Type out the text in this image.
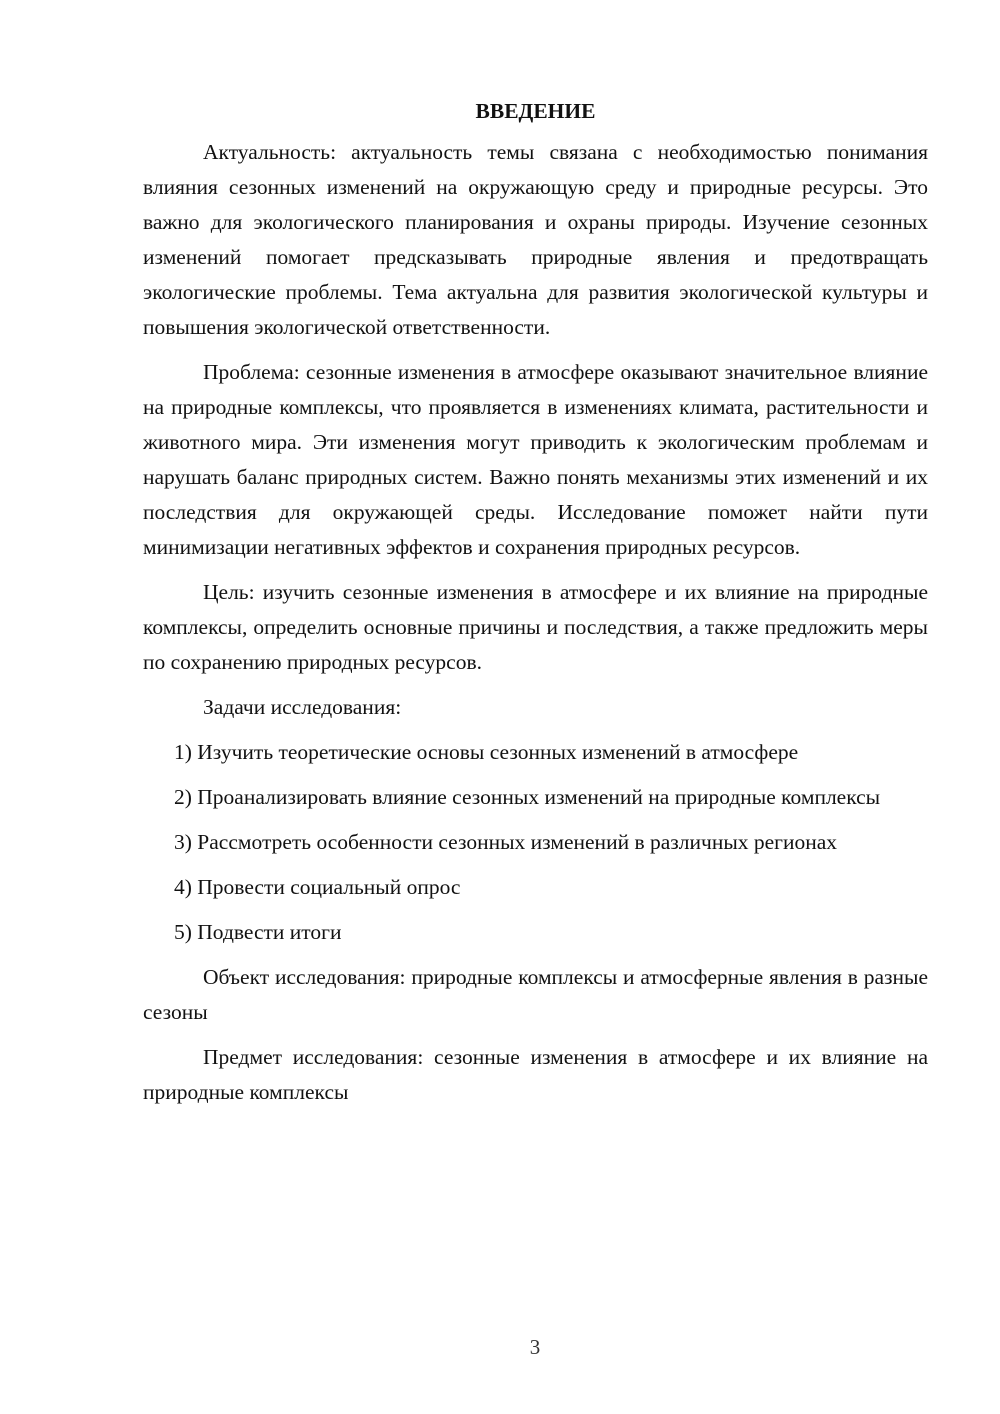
ВВЕДЕНИЕ

Актуальность: актуальность темы связана с необходимостью понимания влияния сезонных изменений на окружающую среду и природные ресурсы. Это важно для экологического планирования и охраны природы. Изучение сезонных изменений помогает предсказывать природные явления и предотвращать экологические проблемы. Тема актуальна для развития экологической культуры и повышения экологической ответственности.

Проблема: сезонные изменения в атмосфере оказывают значительное влияние на природные комплексы, что проявляется в изменениях климата, растительности и животного мира. Эти изменения могут приводить к экологическим проблемам и нарушать баланс природных систем. Важно понять механизмы этих изменений и их последствия для окружающей среды. Исследование поможет найти пути минимизации негативных эффектов и сохранения природных ресурсов.

Цель: изучить сезонные изменения в атмосфере и их влияние на природные комплексы, определить основные причины и последствия, а также предложить меры по сохранению природных ресурсов.

Задачи исследования:

1) Изучить теоретические основы сезонных изменений в атмосфере

2) Проанализировать влияние сезонных изменений на природные комплексы

3) Рассмотреть особенности сезонных изменений в различных регионах

4) Провести социальный опрос

5) Подвести итоги

Объект исследования: природные комплексы и атмосферные явления в разные сезоны

Предмет исследования: сезонные изменения в атмосфере и их влияние на природные комплексы

3
